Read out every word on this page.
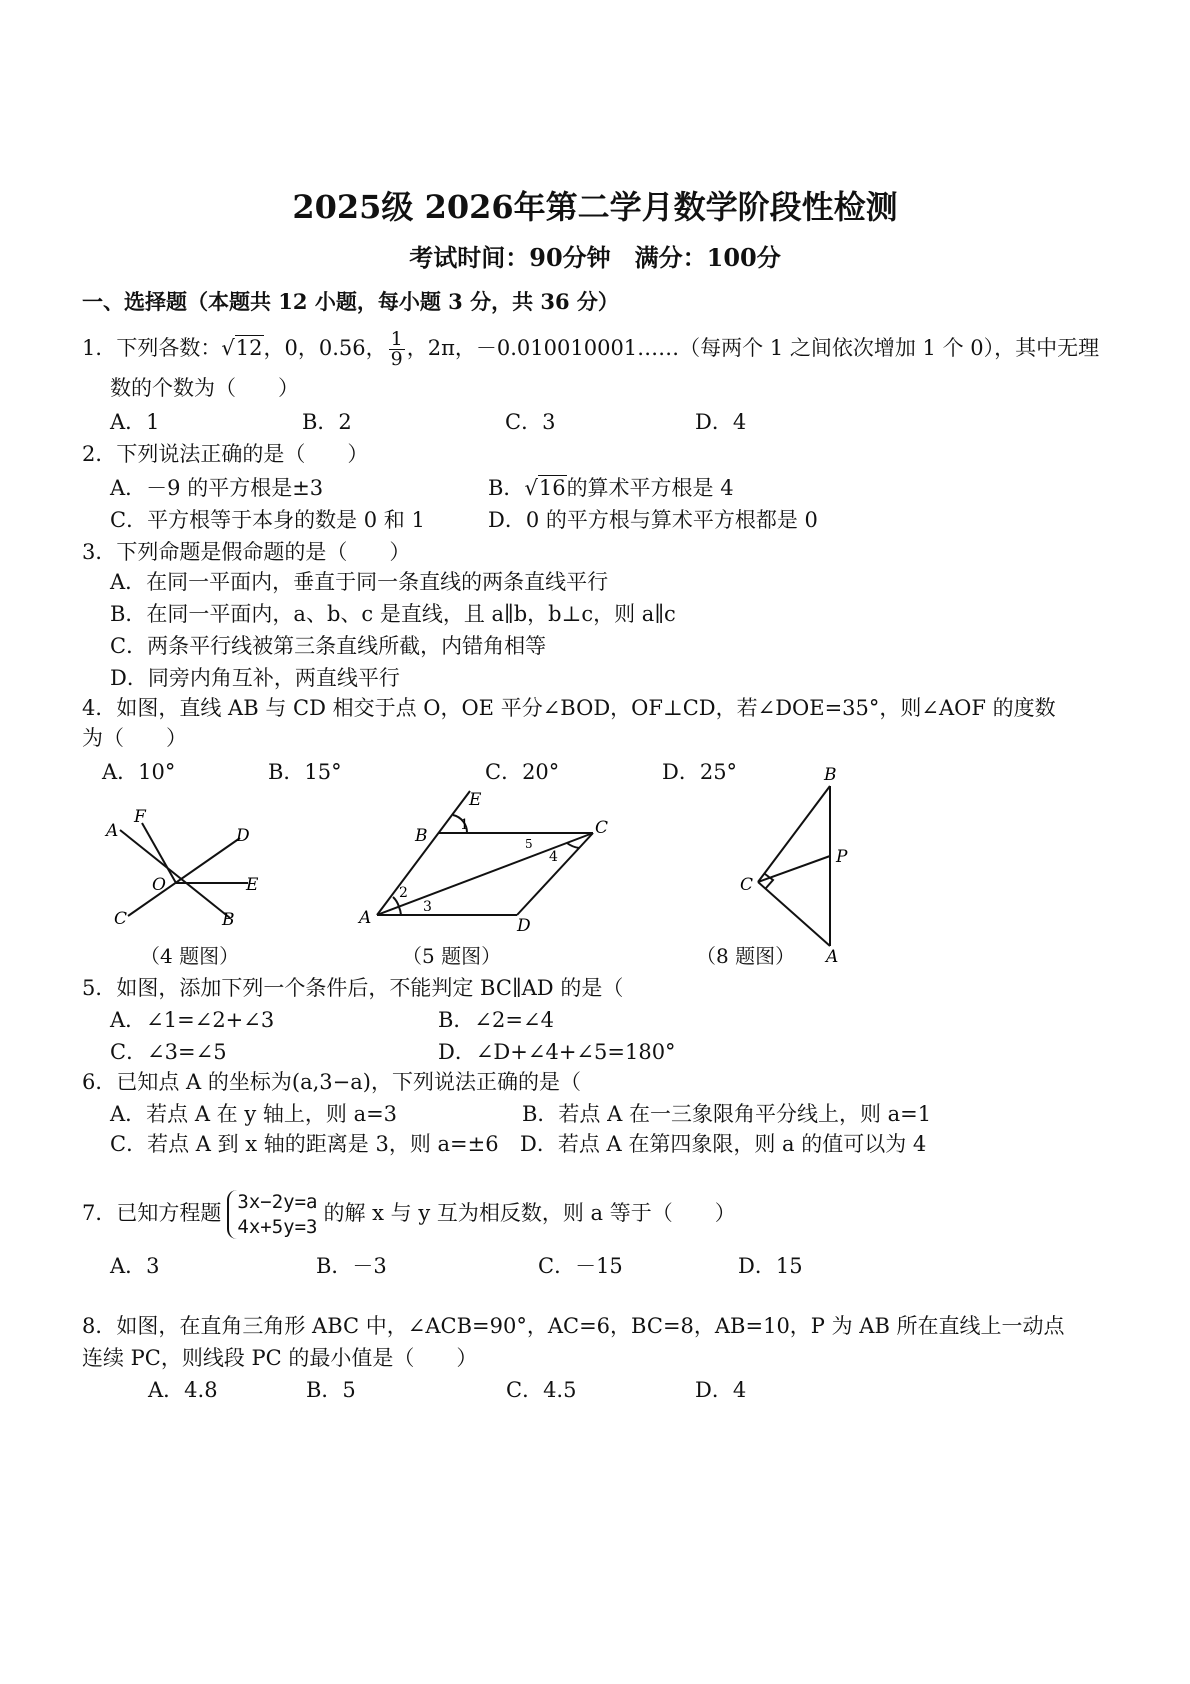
2025级 2026年第二学月数学阶段性检测
考试时间：90分钟　满分：100分
一、选择题（本题共 12 小题，每小题 3 分，共 36 分）
1．下列各数：√12，0，0.56， $\frac{1}{9}$ ，2π，－0.010010001……（每两个 1 之间依次增加 1 个 0），其中无理
数的个数为（　　）
A．1	B．2	C．3	D．4
2．下列说法正确的是（　　）
A．－9 的平方根是±3	B．√16的算术平方根是 4
C．平方根等于本身的数是 0 和 1	D．0 的平方根与算术平方根都是 0
3．下列命题是假命题的是（　　）
A．在同一平面内，垂直于同一条直线的两条直线平行
B．在同一平面内，a、b、c 是直线，且 a∥b，b⊥c，则 a∥c
C．两条平行线被第三条直线所截，内错角相等
D．同旁内角互补，两直线平行
4．如图，直线 AB 与 CD 相交于点 O，OE 平分∠BOD，OF⊥CD，若∠DOE=35°，则∠AOF 的度数
为（　　）
A．10°	B．15°	C．20°	D．25°
A
F
D
O	E
C	B
（4 题图）
E
B
1	C
5
4
2
3
A	D
（5 题图）
B
P
C
A
（8 题图）
5．如图，添加下列一个条件后，不能判定 BC∥AD 的是（
A．∠1=∠2+∠3	B．∠2=∠4
C．∠3=∠5	D．∠D+∠4+∠5=180°
6．已知点 A 的坐标为(a,3−a)，下列说法正确的是（
A．若点 A 在 y 轴上，则 a=3	B．若点 A 在一三象限角平分线上，则 a=1
C．若点 A 到 x 轴的距离是 3，则 a=±6 D．若点 A 在第四象限，则 a 的值可以为 4
7．已知方程题 3x−2y=a
4x+5y=3
的解 x 与 y 互为相反数，则 a 等于（　　）
A．3	B．－3	C．－15	D．15
8．如图，在直角三角形 ABC 中，∠ACB=90°，AC=6，BC=8，AB=10，P 为 AB 所在直线上一动点
连续 PC，则线段 PC 的最小值是（　　）
A．4.8	B．5	C．4.5	D．4
